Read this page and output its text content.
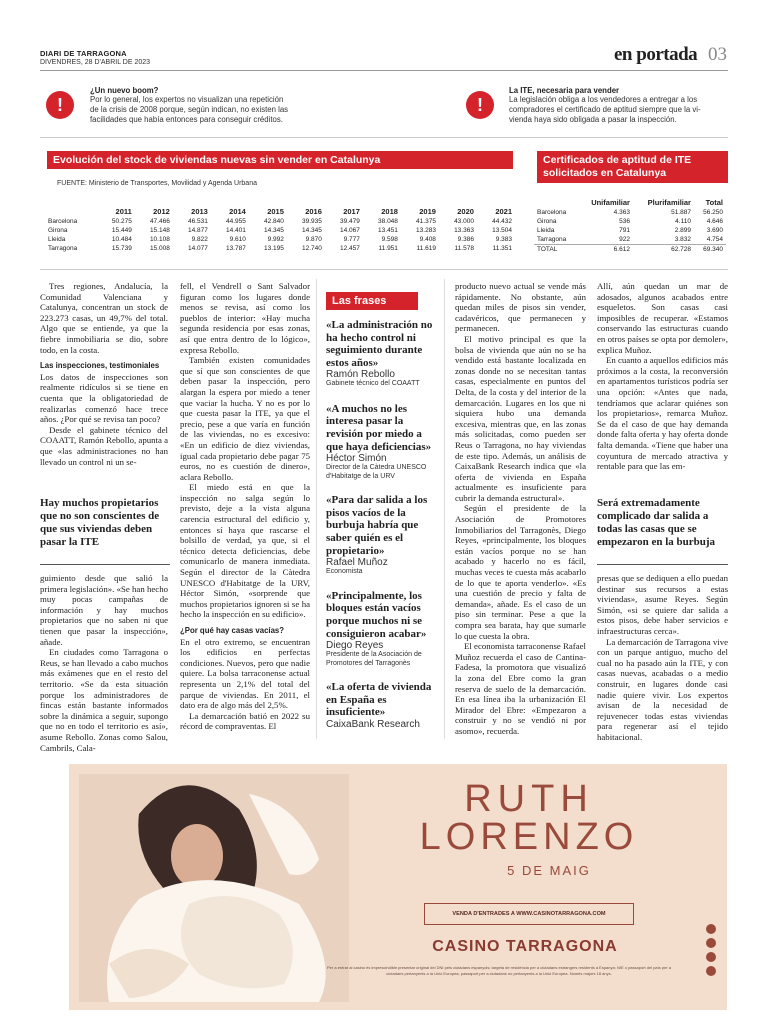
DIARI DE TARRAGONA
DIVENDRES, 28 D'ABRIL DE 2023	en portada 03
!
¿Un nuevo boom?
Por lo general, los expertos no visualizan una repetición
de la crisis de 2008 porque, según indican, no existen las
facilidades que había entonces para conseguir créditos.
!
La ITE, necesaria para vender
La legislación obliga a los vendedores a entregar a los
compradores el certificado de aptitud siempre que la vi-
vienda haya sido obligada a pasar la inspección.
Evolución del stock de viviendas nuevas sin vender en Catalunya
FUENTE: Ministerio de Transportes, Movilidad y Agenda Urbana
	2011	2012	2013	2014	2015	2016	2017	2018	2019	2020	2021
Barcelona	50.275	47.466	46.531	44.955	42.840	39.935	39.479	38.048	41.375	43.000	44.432
Girona	15.449	15.148	14.877	14.401	14.345	14.345	14.067	13.451	13.283	13.363	13.504
Lleida	10.484	10.108	9.822	9.610	9.992	9.870	9.777	9.598	9.408	9.386	9.383
Tarragona	15.739	15.008	14.077	13.787	13.195	12.740	12.457	11.951	11.619	11.578	11.351
Certificados de aptitud de ITE
solicitados en Catalunya
	Unifamiliar	Plurifamiliar	Total
Barcelona	4.363	51.887	56.250
Girona	536	4.110	4.646
Lleida	791	2.899	3.690
Tarragona	922	3.832	4.754
TOTAL	6.612	62.728	69.340

Tres regiones, Andalucía, la Comunidad Valenciana y Catalunya, concentran un stock de 223.273 casas, un 49,7% del total. Algo que se entiende, ya que la fiebre inmobiliaria se dio, sobre todo, en la costa.

Las inspecciones, testimoniales

Los datos de inspecciones son realmente ridículos si se tiene en cuenta que la obligatoriedad de realizarlas comenzó hace trece años. ¿Por qué se revisa tan poco?

Desde el gabinete técnico del COAATT, Ramón Rebollo, apunta a que «las administraciones no han llevado un control ni un se-

Hay muchos propietarios que no son conscientes de que sus viviendas deben pasar la ITE

guimiento desde que salió la primera legislación». «Se han hecho muy pocas campañas de información y hay muchos propietarios que no saben ni que tienen que pasar la inspección», añade.

En ciudades como Tarragona o Reus, se han llevado a cabo muchos más exámenes que en el resto del territorio. «Se da esta situación porque los administradores de fincas están bastante informados sobre la dinámica a seguir, supongo que no en todo el territorio es así», asume Rebollo. Zonas como Salou, Cambrils, Cala-

fell, el Vendrell o Sant Salvador figuran como los lugares donde menos se revisa, así como los pueblos de interior: «Hay mucha segunda residencia por esas zonas, así que entra dentro de lo lógico», expresa Rebollo.

También existen comunidades que sí que son conscientes de que deben pasar la inspección, pero alargan la espera por miedo a tener que vaciar la hucha. Y no es por lo que cuesta pasar la ITE, ya que el precio, pese a que varía en función de las viviendas, no es excesivo: «En un edificio de diez viviendas, igual cada propietario debe pagar 75 euros, no es cuestión de dinero», aclara Rebollo.

El miedo está en que la inspección no salga según lo previsto, deje a la vista alguna carencia estructural del edificio y, entonces sí haya que rascarse el bolsillo de verdad, ya que, si el técnico detecta deficiencias, debe comunicarlo de manera inmediata. Según el director de la Càtedra UNESCO d'Habitatge de la URV, Héctor Simón, «sorprende que muchos propietarios ignoren si se ha hecho la inspección en su edificio».

¿Por qué hay casas vacías?

En el otro extremo, se encuentran los edificios en perfectas condiciones. Nuevos, pero que nadie quiere. La bolsa tarraconense actual representa un 2,1% del total del parque de viviendas. En 2011, el dato era de algo más del 2,5%.

La demarcación batió en 2022 su récord de compraventas. El

Las frases
«La administración no ha hecho control ni seguimiento durante estos años»
Ramón Rebollo
Gabinete técnico del COAATT
«A muchos no les interesa pasar la revisión por miedo a que haya deficiencias»
Héctor Simón
Director de la Càtedra UNESCO d'Habitatge de la URV
«Para dar salida a los pisos vacíos de la burbuja habría que saber quién es el propietario»
Rafael Muñoz
Economista
«Principalmente, los bloques están vacíos porque muchos ni se consiguieron acabar»
Diego Reyes
Presidente de la Asociación de Promotores del Tarragonès
«La oferta de vivienda en España es insuficiente»
CaixaBank Research

producto nuevo actual se vende más rápidamente. No obstante, aún quedan miles de pisos sin vender, cadavéricos, que permanecen y permanecen.

El motivo principal es que la bolsa de vivienda que aún no se ha vendido está bastante localizada en zonas donde no se necesitan tantas casas, especialmente en puntos del Delta, de la costa y del interior de la demarcación. Lugares en los que ni siquiera hubo una demanda excesiva, mientras que, en las zonas más solicitadas, como pueden ser Reus o Tarragona, no hay viviendas de este tipo. Además, un análisis de CaixaBank Research indica que «la oferta de vivienda en España actualmente es insuficiente para cubrir la demanda estructural».

Según el presidente de la Asociación de Promotores Inmobiliarios del Tarragonès, Diego Reyes, «principalmente, los bloques están vacíos porque no se han acabado y hacerlo no es fácil, muchas veces te cuesta más acabarlo de lo que te aporta venderlo». «Es una cuestión de precio y falta de demanda», añade. Es el caso de un piso sin terminar. Pese a que la compra sea barata, hay que sumarle lo que cuesta la obra.

El economista tarraconense Rafael Muñoz recuerda el caso de Cantina-Fadesa, la promotora que visualizó la zona del Ebre como la gran reserva de suelo de la demarcación. En esa línea iba la urbanización El Mirador del Ebre: «Empezaron a construir y no se vendió ni por asomo», recuerda.

Allí, aún quedan un mar de adosados, algunos acabados entre esqueletos. Son casas casi imposibles de recuperar. «Estamos conservando las estructuras cuando en otros países se opta por demoler», explica Muñoz.

En cuanto a aquellos edificios más próximos a la costa, la reconversión en apartamentos turísticos podría ser una opción: «Antes que nada, tendríamos que aclarar quiénes son los propietarios», remarca Muñoz. Se da el caso de que hay demanda donde falta oferta y hay oferta donde falta demanda. «Tiene que haber una coyuntura de mercado atractiva y rentable para que las em-

Será extremadamente complicado dar salida a todas las casas que se empezaron en la burbuja

presas que se dediquen a ello puedan destinar sus recursos a estas viviendas», asume Reyes. Según Simón, «si se quiere dar salida a estos pisos, debe haber servicios e infraestructuras cerca».

La demarcación de Tarragona vive con un parque antiguo, mucho del cual no ha pasado aún la ITE, y con casas nuevas, acabadas o a medio construir, en lugares donde casi nadie quiere vivir. Los expertos avisan de la necesidad de rejuvenecer todas estas viviendas para regenerar así el tejido habitacional.

RUTH
LORENZO
5 DE MAIG
VENDA D'ENTRADES A WWW.CASINOTARRAGONA.COM
CASINO TARRAGONA
Per a entrar al casino és imprescindible presentar original del DNI pels ciutadans espanyols; targeta de residència per a ciutadans estrangers residents a Espanya; NIE o passaport del país per a ciutadans pertanyents a la Unió Europea; passaport per a ciutadans no pertanyents a la Unió Europea. Només majors 18 anys.
